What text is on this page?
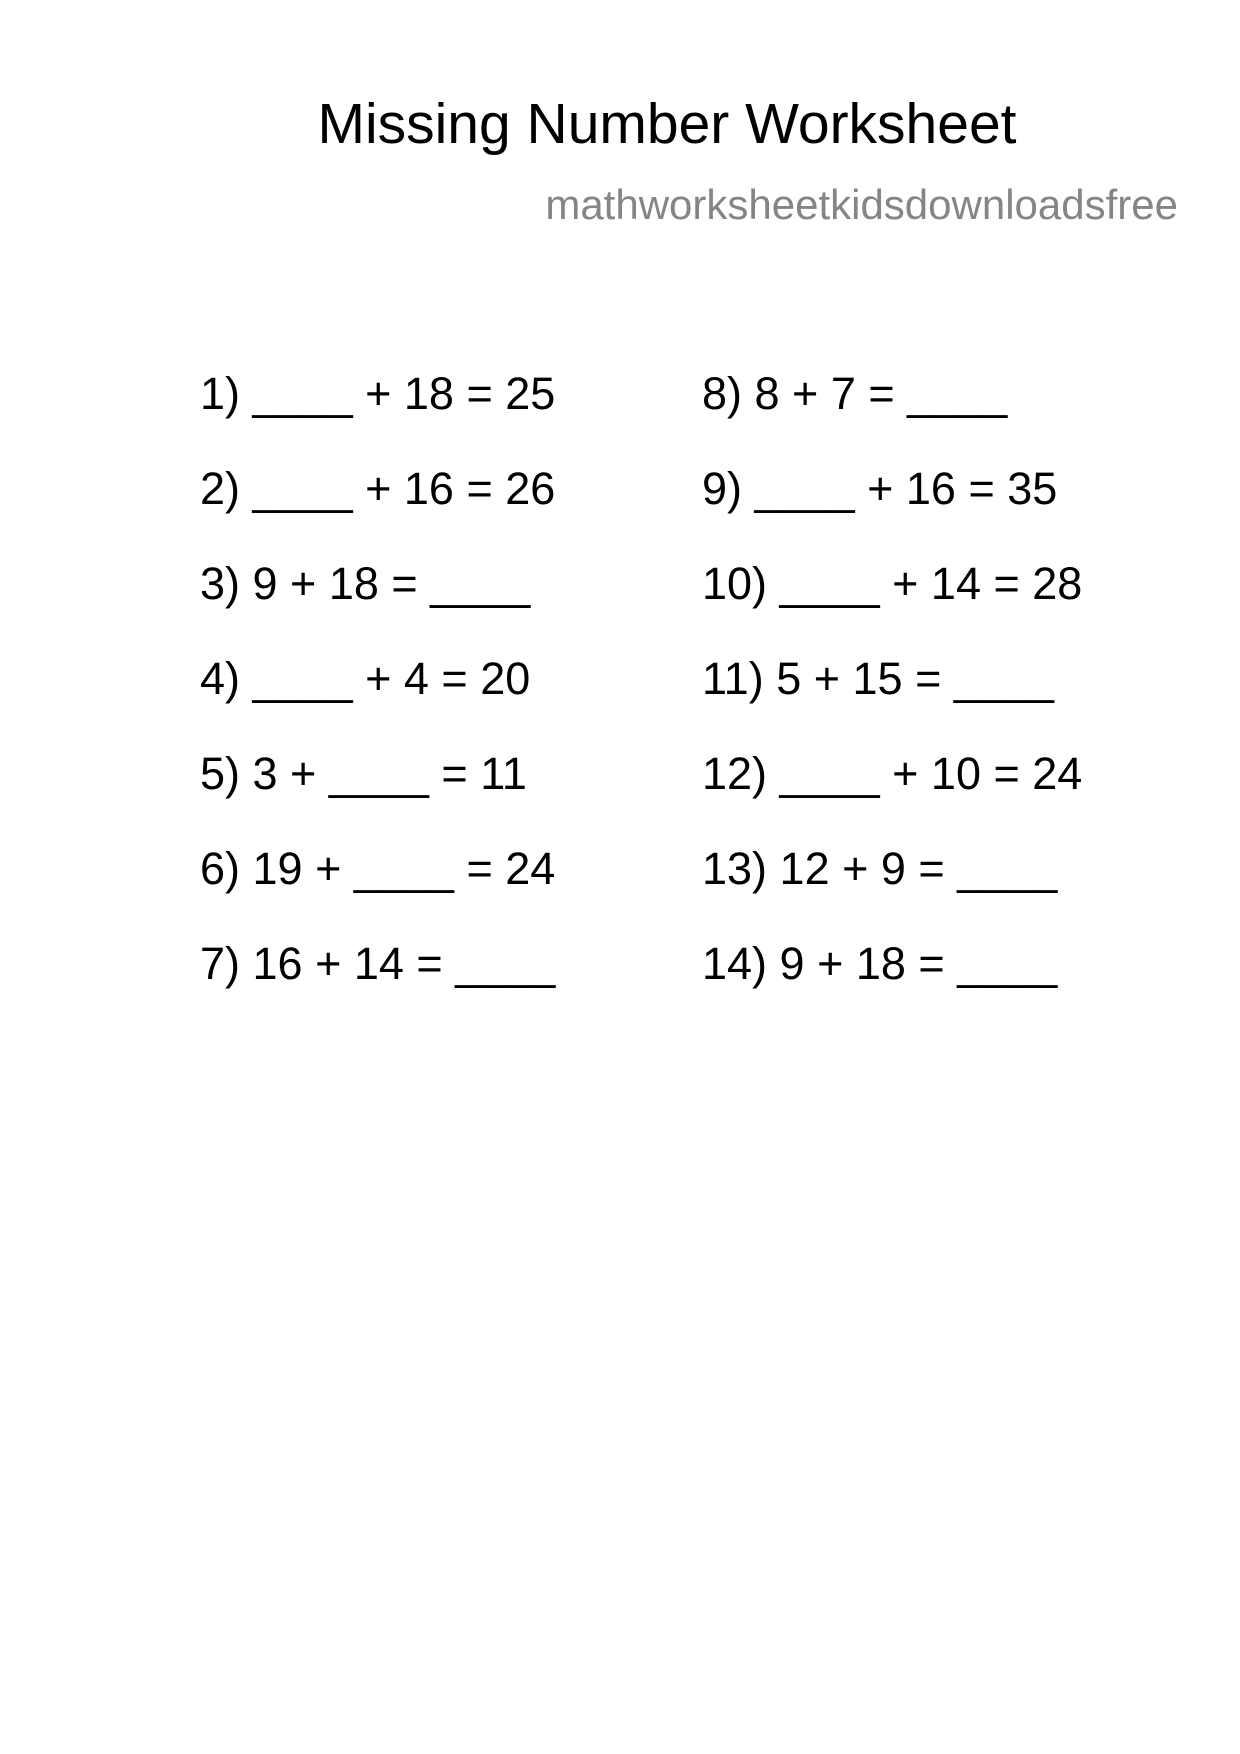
Missing Number Worksheet
mathworksheetkidsdownloadsfree
1) ____ + 18 = 25
2) ____ + 16 = 26
3) 9 + 18 = ____
4) ____ + 4 = 20
5) 3 + ____ = 11
6) 19 + ____ = 24
7) 16 + 14 = ____
8) 8 + 7 = ____
9) ____ + 16 = 35
10) ____ + 14 = 28
11) 5 + 15 = ____
12) ____ + 10 = 24
13) 12 + 9 = ____
14) 9 + 18 = ____
